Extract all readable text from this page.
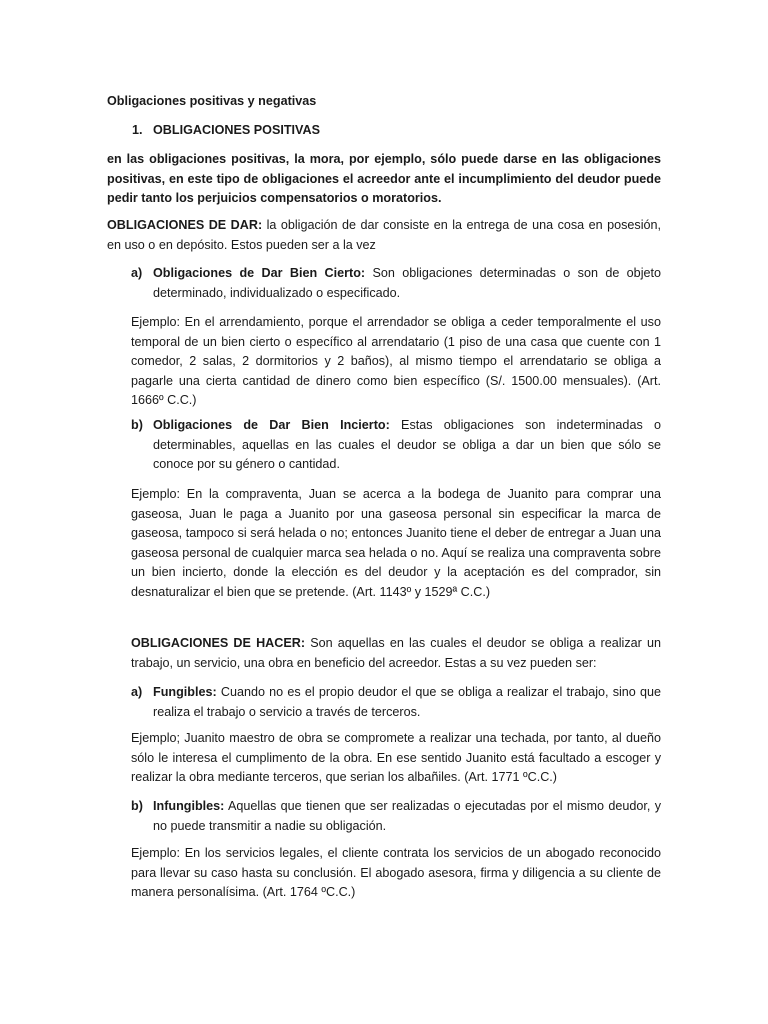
Obligaciones positivas y negativas

1. OBLIGACIONES POSITIVAS

en las obligaciones positivas, la mora, por ejemplo, sólo puede darse en las obligaciones positivas, en este tipo de obligaciones el acreedor ante el incumplimiento del deudor puede pedir tanto los perjuicios compensatorios o moratorios.

OBLIGACIONES DE DAR: la obligación de dar consiste en la entrega de una cosa en posesión, en uso o en depósito. Estos pueden ser a la vez

a) Obligaciones de Dar Bien Cierto: Son obligaciones determinadas o son de objeto determinado, individualizado o especificado.

Ejemplo: En el arrendamiento, porque el arrendador se obliga a ceder temporalmente el uso temporal de un bien cierto o específico al arrendatario (1 piso de una casa que cuente con 1 comedor, 2 salas, 2 dormitorios y 2 baños), al mismo tiempo el arrendatario se obliga a pagarle una cierta cantidad de dinero como bien específico (S/. 1500.00 mensuales). (Art. 1666º C.C.)

b) Obligaciones de Dar Bien Incierto: Estas obligaciones son indeterminadas o determinables, aquellas en las cuales el deudor se obliga a dar un bien que sólo se conoce por su género o cantidad.

Ejemplo: En la compraventa, Juan se acerca a la bodega de Juanito para comprar una gaseosa, Juan le paga a Juanito por una gaseosa personal sin especificar la marca de gaseosa, tampoco si será helada o no; entonces Juanito tiene el deber de entregar a Juan una gaseosa personal de cualquier marca sea helada o no. Aquí se realiza una compraventa sobre un bien incierto, donde la elección es del deudor y la aceptación es del comprador, sin desnaturalizar el bien que se pretende. (Art. 1143º y 1529ª C.C.)

OBLIGACIONES DE HACER: Son aquellas en las cuales el deudor se obliga a realizar un trabajo, un servicio, una obra en beneficio del acreedor. Estas a su vez pueden ser:

a) Fungibles: Cuando no es el propio deudor el que se obliga a realizar el trabajo, sino que realiza el trabajo o servicio a través de terceros.

Ejemplo; Juanito maestro de obra se compromete a realizar una techada, por tanto, al dueño sólo le interesa el cumplimento de la obra. En ese sentido Juanito está facultado a escoger y realizar la obra mediante terceros, que serian los albañiles. (Art. 1771 ºC.C.)

b) Infungibles: Aquellas que tienen que ser realizadas o ejecutadas por el mismo deudor, y no puede transmitir a nadie su obligación.

Ejemplo: En los servicios legales, el cliente contrata los servicios de un abogado reconocido para llevar su caso hasta su conclusión. El abogado asesora, firma y diligencia a su cliente de manera personalísima. (Art. 1764 ºC.C.)
